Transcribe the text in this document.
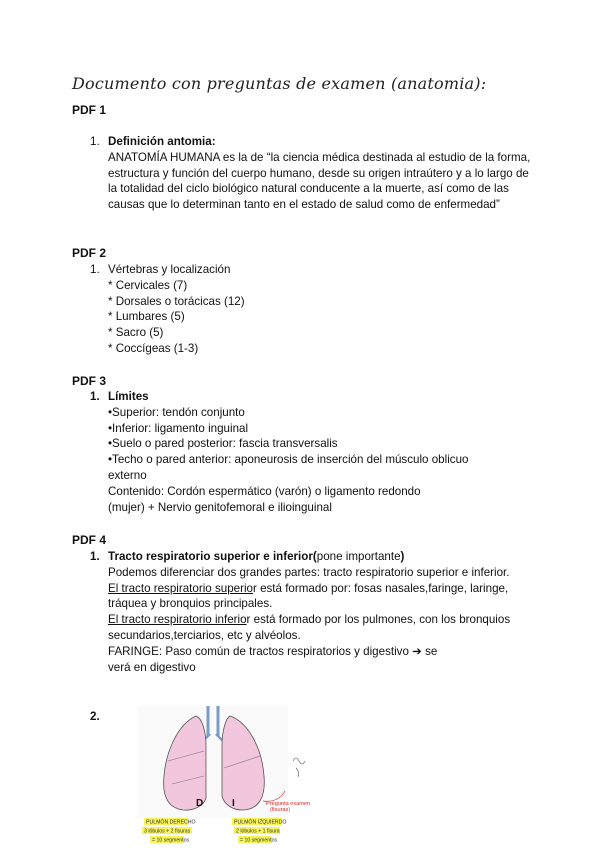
Documento con preguntas de examen (anatomia):
PDF 1
1. Definición antomia:
ANATOMÍA HUMANA es la de “la ciencia médica destinada al estudio de la forma, estructura y función del cuerpo humano, desde su origen intraútero y a lo largo de la totalidad del ciclo biológico natural conducente a la muerte, así como de las causas que lo determinan tanto en el estado de salud como de enfermedad”
PDF 2
1. Vértebras y localización
* Cervicales (7)
* Dorsales o torácicas (12)
* Lumbares (5)
* Sacro (5)
* Coccígeas (1-3)
PDF 3
1. Límites
•Superior: tendón conjunto
•Inferior: ligamento inguinal
•Suelo o pared posterior: fascia transversalis
•Techo o pared anterior: aponeurosis de inserción del músculo oblicuo externo
Contenido: Cordón espermático (varón) o ligamento redondo
(mujer) + Nervio genitofemoral e ilioinguinal
PDF 4
1. Tracto respiratorio superior e inferior(pone importante)
Podemos diferenciar dos grandes partes: tracto respiratorio superior e inferior.
El tracto respiratorio superior está formado por: fosas nasales,faringe, laringe, tráquea y bronquios principales.
El tracto respiratorio inferior está formado por los pulmones, con los bronquios secundarios,terciarios, etc y alvéolos.
FARINGE: Paso común de tractos respiratorios y digestivo ➔ se
verá en digestivo
2.
D	I	Pregunta examen
(fisuras)
PULMÓN DERECHO
3 lóbulos + 2 fisuras
= 10 segmentos
PULMÓN IZQUIERDO
2 lóbulos + 1 fisura
= 10 segmentos
